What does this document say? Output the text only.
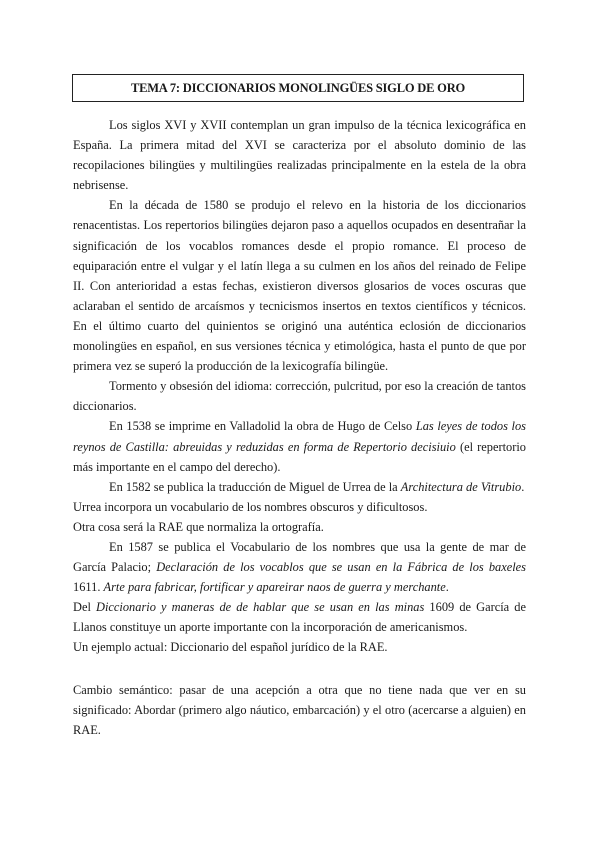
TEMA 7: DICCIONARIOS MONOLINGÜES SIGLO DE ORO

Los siglos XVI y XVII contemplan un gran impulso de la técnica lexicográfica en España. La primera mitad del XVI se caracteriza por el absoluto dominio de las recopilaciones bilingües y multilingües realizadas principalmente en la estela de la obra nebrisense.

En la década de 1580 se produjo el relevo en la historia de los diccionarios renacentistas. Los repertorios bilingües dejaron paso a aquellos ocupados en desentrañar la significación de los vocablos romances desde el propio romance. El proceso de equiparación entre el vulgar y el latín llega a su culmen en los años del reinado de Felipe II. Con anterioridad a estas fechas, existieron diversos glosarios de voces oscuras que aclaraban el sentido de arcaísmos y tecnicismos insertos en textos científicos y técnicos. En el último cuarto del quinientos se originó una auténtica eclosión de diccionarios monolingües en español, en sus versiones técnica y etimológica, hasta el punto de que por primera vez se superó la producción de la lexicografía bilingüe.

Tormento y obsesión del idioma: corrección, pulcritud, por eso la creación de tantos diccionarios.

En 1538 se imprime en Valladolid la obra de Hugo de Celso Las leyes de todos los reynos de Castilla: abreuidas y reduzidas en forma de Repertorio decisiuio (el repertorio más importante en el campo del derecho).

En 1582 se publica la traducción de Miguel de Urrea de la Architectura de Vitrubio.

Urrea incorpora un vocabulario de los nombres obscuros y dificultosos.

Otra cosa será la RAE que normaliza la ortografía.

En 1587 se publica el Vocabulario de los nombres que usa la gente de mar de García Palacio; Declaración de los vocablos que se usan en la Fábrica de los baxeles 1611. Arte para fabricar, fortificar y apareirar naos de guerra y merchante.

Del Diccionario y maneras de de hablar que se usan en las minas 1609 de García de Llanos constituye un aporte importante con la incorporación de americanismos.

Un ejemplo actual: Diccionario del español jurídico de la RAE.

Cambio semántico: pasar de una acepción a otra que no tiene nada que ver en su significado: Abordar (primero algo náutico, embarcación) y el otro (acercarse a alguien) en RAE.
